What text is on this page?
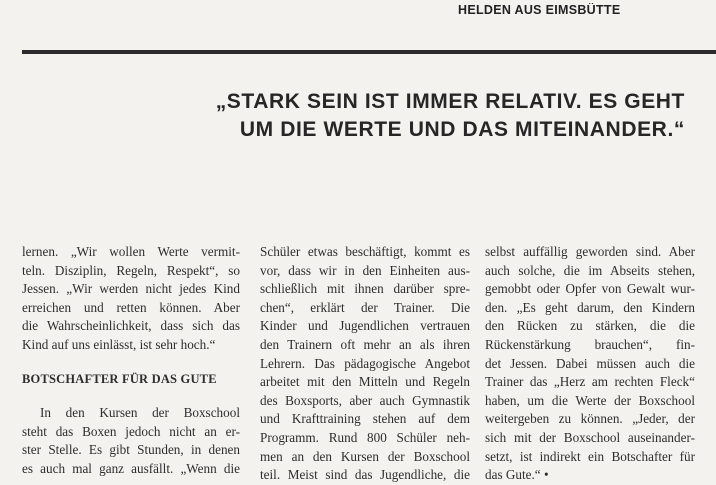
HELDEN AUS EIMSBÜTTE
„STARK SEIN IST IMMER RELATIV. ES GEHT
UM DIE WERTE UND DAS MITEINANDER.“
lernen. „Wir wollen Werte vermit-
teln. Disziplin, Regeln, Respekt“, so
Jessen. „Wir werden nicht jedes Kind
erreichen und retten können. Aber
die Wahrscheinlichkeit, dass sich das
Kind auf uns einlässt, ist sehr hoch.“
BOTSCHAFTER FÜR DAS GUTE
In den Kursen der Boxschool
steht das Boxen jedoch nicht an er-
ster Stelle. Es gibt Stunden, in denen
es auch mal ganz ausfällt. „Wenn die
Schüler etwas beschäftigt, kommt es
vor, dass wir in den Einheiten aus-
schließlich mit ihnen darüber spre-
chen“, erklärt der Trainer. Die
Kinder und Jugendlichen vertrauen
den Trainern oft mehr an als ihren
Lehrern. Das pädagogische Angebot
arbeitet mit den Mitteln und Regeln
des Boxsports, aber auch Gymnastik
und Krafttraining stehen auf dem
Programm. Rund 800 Schüler neh-
men an den Kursen der Boxschool
teil. Meist sind das Jugendliche, die
selbst auffällig geworden sind. Aber
auch solche, die im Abseits stehen,
gemobbt oder Opfer von Gewalt wur-
den. „Es geht darum, den Kindern
den Rücken zu stärken, die die
Rückenstärkung brauchen“, fin-
det Jessen. Dabei müssen auch die
Trainer das „Herz am rechten Fleck“
haben, um die Werte der Boxschool
weitergeben zu können. „Jeder, der
sich mit der Boxschool auseinander-
setzt, ist indirekt ein Botschafter für
das Gute.“ •
